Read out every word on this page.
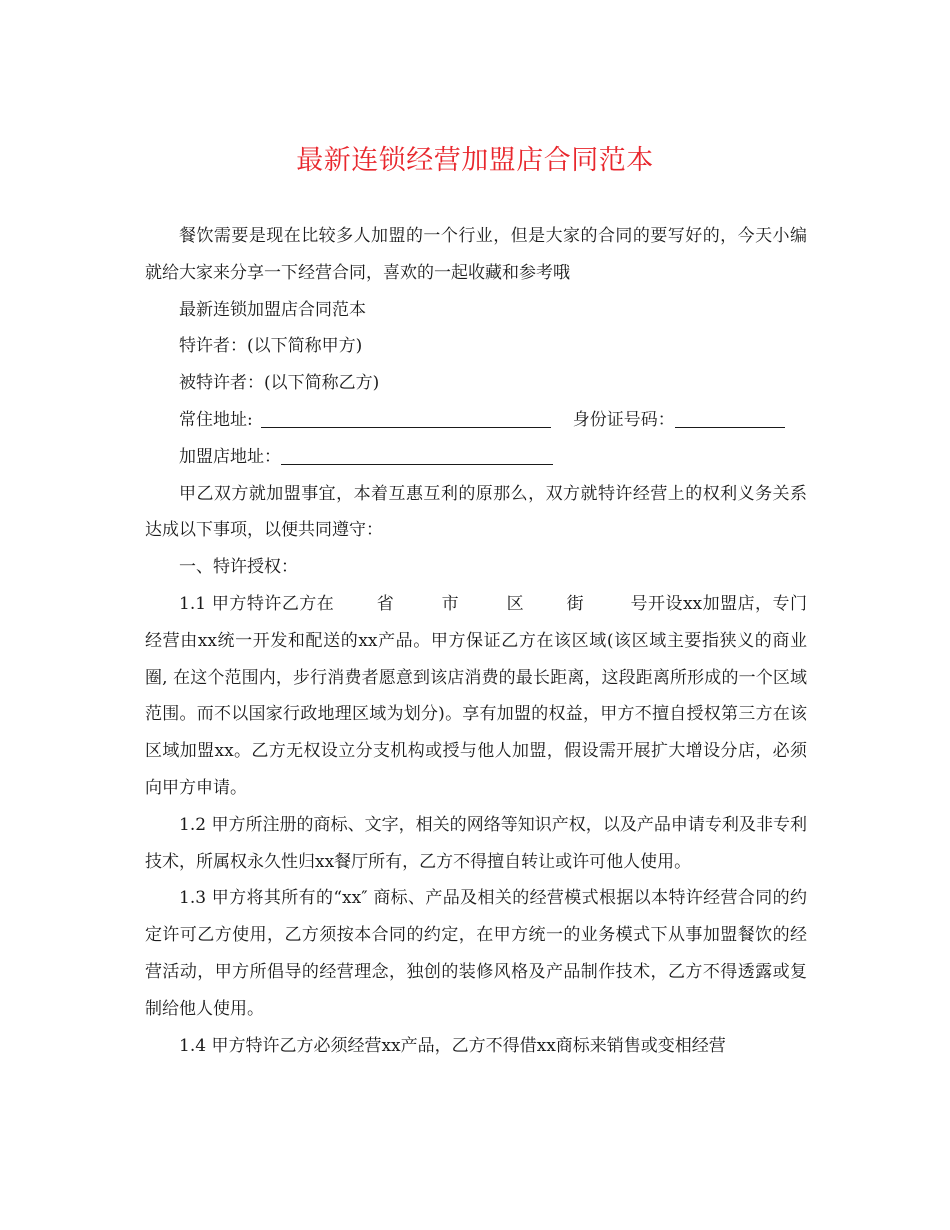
最新连锁经营加盟店合同范本

餐饮需要是现在比较多人加盟的一个行业，但是大家的合同的要写好的，今天小编就给大家来分享一下经营合同，喜欢的一起收藏和参考哦

最新连锁加盟店合同范本

特许者：(以下简称甲方)

被特许者：(以下简称乙方)

常住地址:	身份证号码：

加盟店地址：

甲乙双方就加盟事宜，本着互惠互利的原那么，双方就特许经营上的权利义务关系达成以下事项，以便共同遵守：

一、特许授权：

1.1 甲方特许乙方在 省	市	区 街	号开设xx加盟店，专门经营由xx统一开发和配送的xx产品。甲方保证乙方在该区域(该区域主要指狭义的商业圈, 在这个范围内，步行消费者愿意到该店消费的最长距离，这段距离所形成的一个区域范围。而不以国家行政地理区域为划分)。享有加盟的权益，甲方不擅自授权第三方在该区域加盟xx。乙方无权设立分支机构或授与他人加盟，假设需开展扩大增设分店，必须向甲方申请。

1.2 甲方所注册的商标、文字，相关的网络等知识产权，以及产品申请专利及非专利技术，所属权永久性归xx餐厅所有，乙方不得擅自转让或许可他人使用。

1.3 甲方将其所有的“xx″ 商标、产品及相关的经营模式根据以本特许经营合同的约定许可乙方使用，乙方须按本合同的约定，在甲方统一的业务模式下从事加盟餐饮的经营活动，甲方所倡导的经营理念，独创的装修风格及产品制作技术，乙方不得透露或复制给他人使用。

1.4 甲方特许乙方必须经营xx产品，乙方不得借xx商标来销售或变相经营
